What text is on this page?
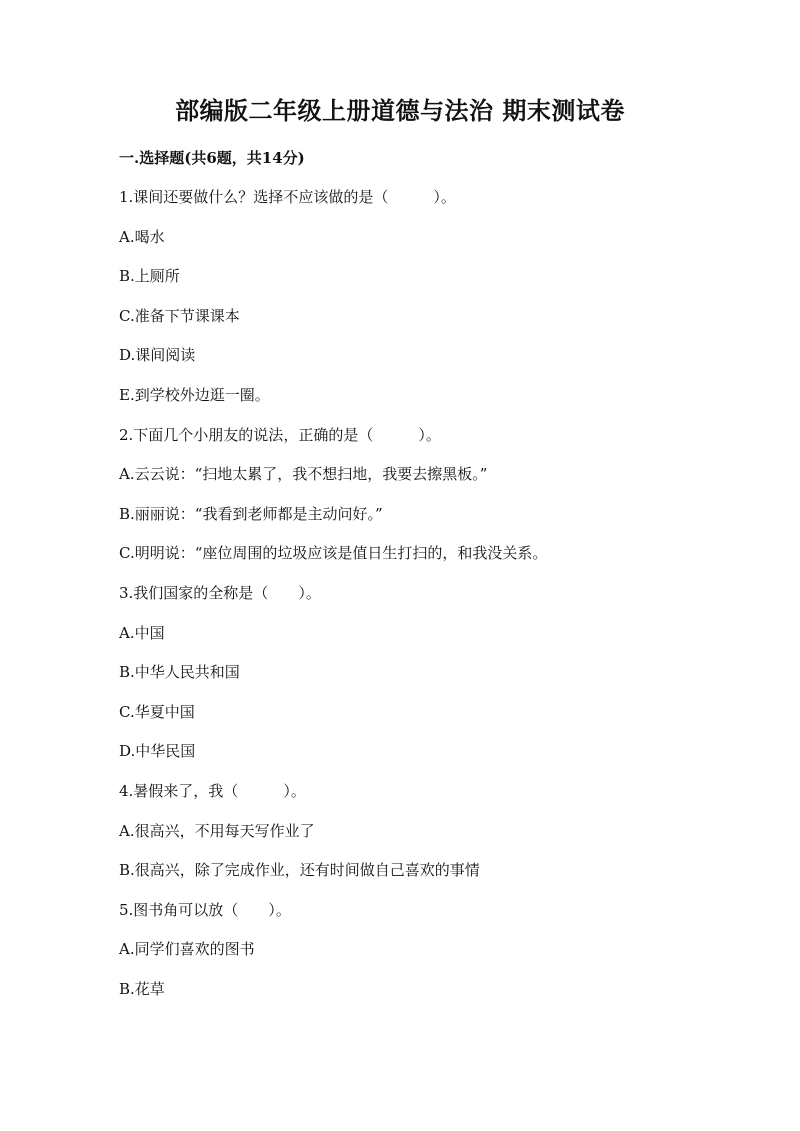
部编版二年级上册道德与法治 期末测试卷
一.选择题(共6题，共14分)
1.课间还要做什么？选择不应该做的是（　　　）。
A.喝水
B.上厕所
C.准备下节课课本
D.课间阅读
E.到学校外边逛一圈。
2.下面几个小朋友的说法，正确的是（　　　）。
A.云云说：“扫地太累了，我不想扫地，我要去擦黑板。”
B.丽丽说：“我看到老师都是主动问好。”
C.明明说：“座位周围的垃圾应该是值日生打扫的，和我没关系。
3.我们国家的全称是（　　）。
A.中国
B.中华人民共和国
C.华夏中国
D.中华民国
4.暑假来了，我（　　　）。
A.很高兴，不用每天写作业了
B.很高兴，除了完成作业，还有时间做自己喜欢的事情
5.图书角可以放（　　）。
A.同学们喜欢的图书
B.花草
